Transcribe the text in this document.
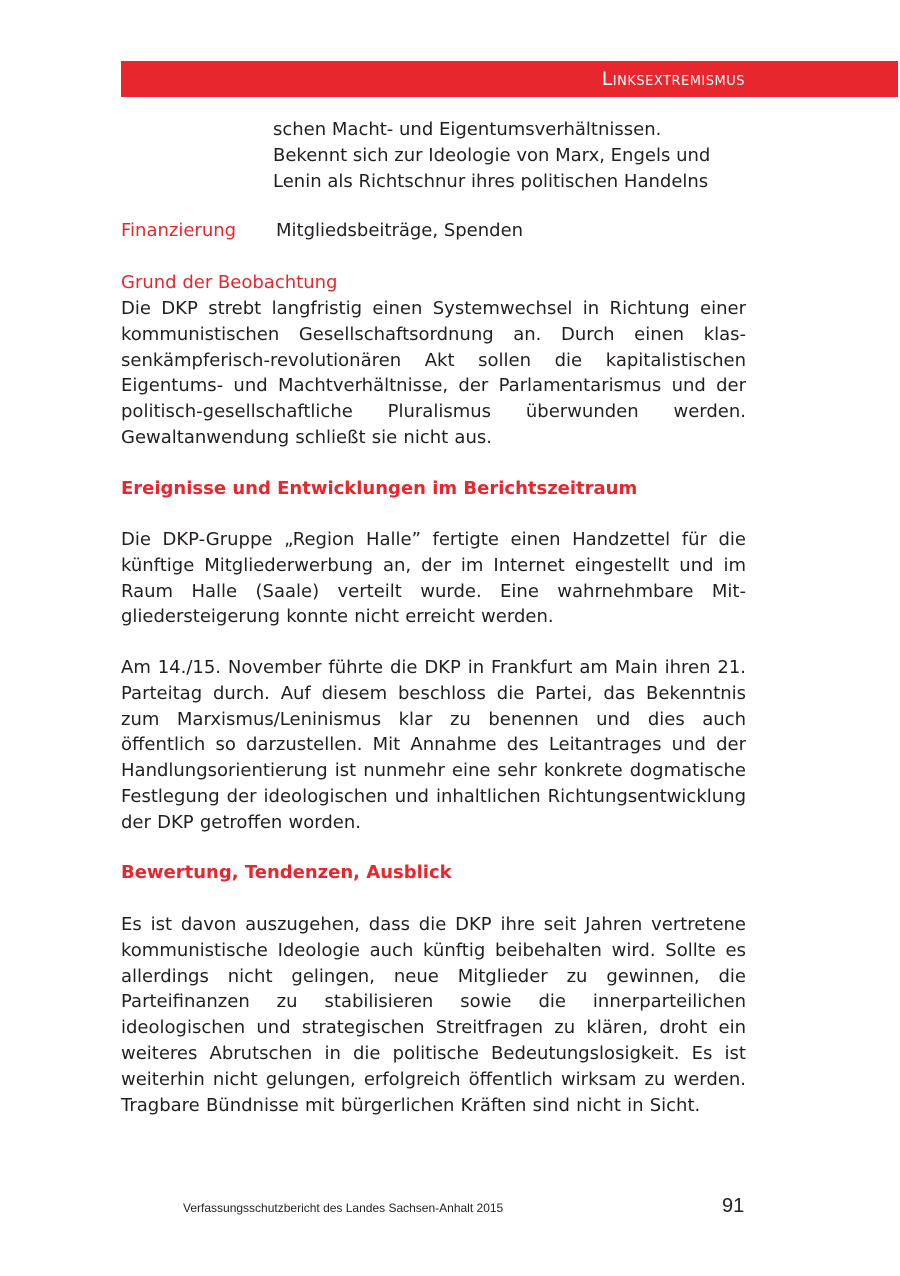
Linksextremismus
schen Macht- und Eigentumsverhältnissen.
Bekennt sich zur Ideologie von Marx, Engels und
Lenin als Richtschnur ihres politischen Handelns
Finanzierung Mitgliedsbeiträge, Spenden
Grund der Beobachtung

Die DKP strebt langfristig einen Systemwechsel in Richtung einer kommunistischen Gesellschaftsordnung an. Durch einen klassenkämpferisch-revolutionären Akt sollen die kapitalistischen Eigentums- und Machtverhältnisse, der Parlamentarismus und der politisch-gesellschaftliche Pluralismus überwunden werden. Gewaltanwendung schließt sie nicht aus.

Ereignisse und Entwicklungen im Berichtszeitraum

Die DKP-Gruppe „Region Halle” fertigte einen Handzettel für die künftige Mitgliederwerbung an, der im Internet eingestellt und im Raum Halle (Saale) verteilt wurde. Eine wahrnehmbare Mitgliedersteigerung konnte nicht erreicht werden.

Am 14./15. November führte die DKP in Frankfurt am Main ihren 21. Parteitag durch. Auf diesem beschloss die Partei, das Bekenntnis zum Marxismus/Leninismus klar zu benennen und dies auch öffentlich so darzustellen. Mit Annahme des Leitantrages und der Handlungsorientierung ist nunmehr eine sehr konkrete dogmatische Festlegung der ideologischen und inhaltlichen Richtungsentwicklung der DKP getroffen worden.

Bewertung, Tendenzen, Ausblick

Es ist davon auszugehen, dass die DKP ihre seit Jahren vertretene kommunistische Ideologie auch künftig beibehalten wird. Sollte es allerdings nicht gelingen, neue Mitglieder zu gewinnen, die Parteifinanzen zu stabilisieren sowie die innerparteilichen ideologischen und strategischen Streitfragen zu klären, droht ein weiteres Abrutschen in die politische Bedeutungslosigkeit. Es ist weiterhin nicht gelungen, erfolgreich öffentlich wirksam zu werden. Tragbare Bündnisse mit bürgerlichen Kräften sind nicht in Sicht.

Verfassungsschutzbericht des Landes Sachsen-Anhalt 2015	91
